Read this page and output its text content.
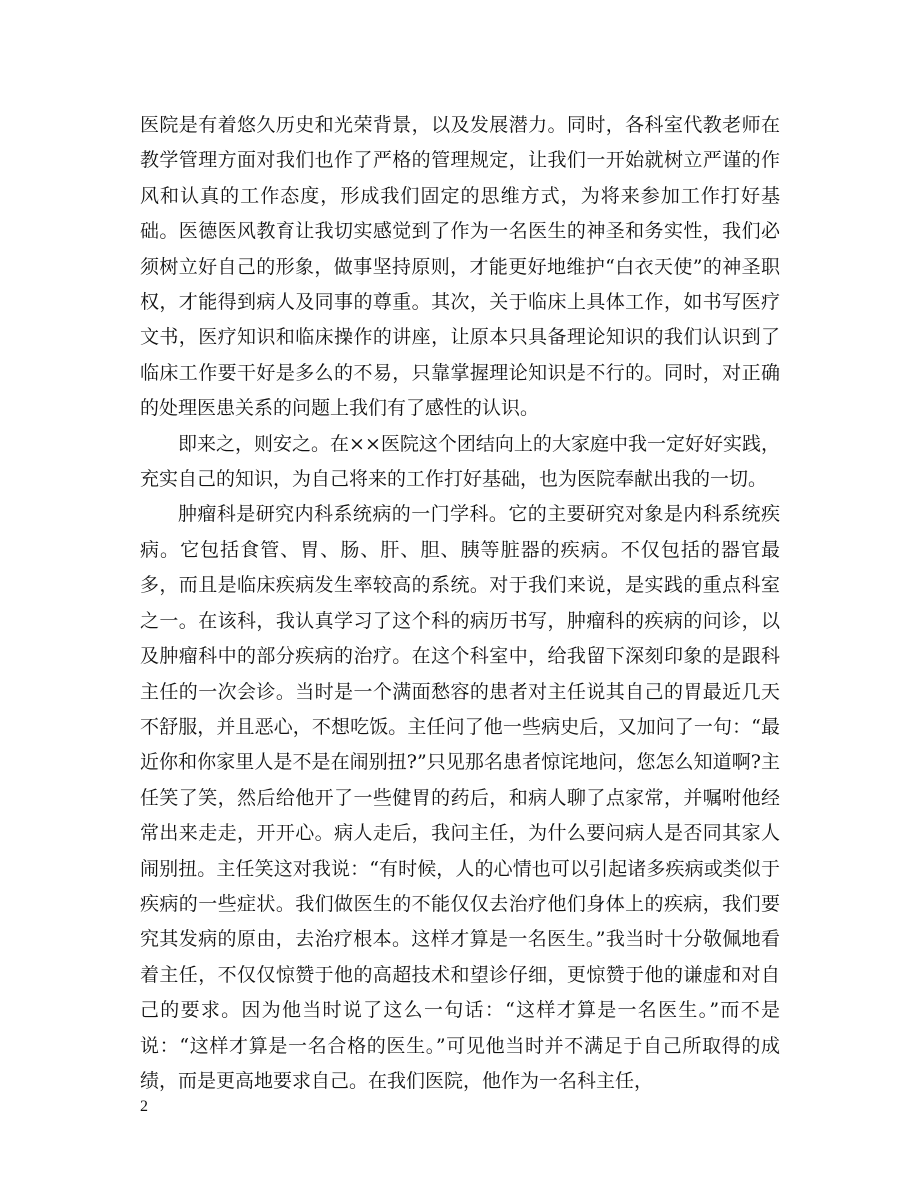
医院是有着悠久历史和光荣背景，以及发展潜力。同时，各科室代教老师在教学管理方面对我们也作了严格的管理规定，让我们一开始就树立严谨的作风和认真的工作态度，形成我们固定的思维方式，为将来参加工作打好基础。医德医风教育让我切实感觉到了作为一名医生的神圣和务实性，我们必须树立好自己的形象，做事坚持原则，才能更好地维护“白衣天使”的神圣职权，才能得到病人及同事的尊重。其次，关于临床上具体工作，如书写医疗文书，医疗知识和临床操作的讲座，让原本只具备理论知识的我们认识到了临床工作要干好是多么的不易，只靠掌握理论知识是不行的。同时，对正确的处理医患关系的问题上我们有了感性的认识。

即来之，则安之。在××医院这个团结向上的大家庭中我一定好好实践，充实自己的知识，为自己将来的工作打好基础，也为医院奉献出我的一切。

肿瘤科是研究内科系统病的一门学科。它的主要研究对象是内科系统疾病。它包括食管、胃、肠、肝、胆、胰等脏器的疾病。不仅包括的器官最多，而且是临床疾病发生率较高的系统。对于我们来说，是实践的重点科室之一。在该科，我认真学习了这个科的病历书写，肿瘤科的疾病的问诊，以及肿瘤科中的部分疾病的治疗。在这个科室中，给我留下深刻印象的是跟科主任的一次会诊。当时是一个满面愁容的患者对主任说其自己的胃最近几天不舒服，并且恶心，不想吃饭。主任问了他一些病史后，又加问了一句：“最近你和你家里人是不是在闹别扭?”只见那名患者惊诧地问，您怎么知道啊?主任笑了笑，然后给他开了一些健胃的药后，和病人聊了点家常，并嘱咐他经常出来走走，开开心。病人走后，我问主任，为什么要问病人是否同其家人闹别扭。主任笑这对我说：“有时候，人的心情也可以引起诸多疾病或类似于疾病的一些症状。我们做医生的不能仅仅去治疗他们身体上的疾病，我们要究其发病的原由，去治疗根本。这样才算是一名医生。”我当时十分敬佩地看着主任，不仅仅惊赞于他的高超技术和望诊仔细，更惊赞于他的谦虚和对自己的要求。因为他当时说了这么一句话：“这样才算是一名医生。”而不是说：“这样才算是一名合格的医生。”可见他当时并不满足于自己所取得的成绩，而是更高地要求自己。在我们医院，他作为一名科主任，

2
